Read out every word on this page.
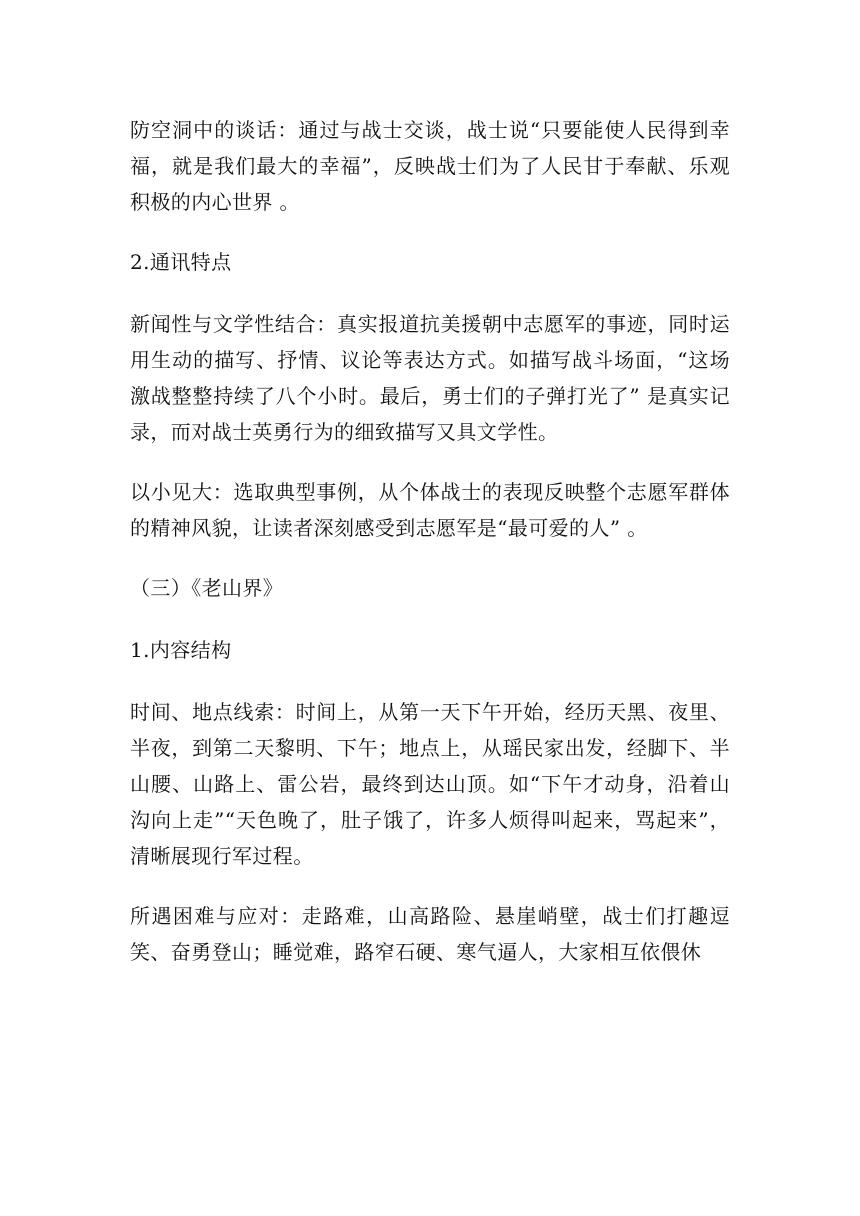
防空洞中的谈话：通过与战士交谈，战士说“只要能使人民得到幸福，就是我们最大的幸福”，反映战士们为了人民甘于奉献、乐观积极的内心世界 。

2.通讯特点

新闻性与文学性结合：真实报道抗美援朝中志愿军的事迹，同时运用生动的描写、抒情、议论等表达方式。如描写战斗场面，“这场激战整整持续了八个小时。最后，勇士们的子弹打光了” 是真实记录，而对战士英勇行为的细致描写又具文学性。

以小见大：选取典型事例，从个体战士的表现反映整个志愿军群体的精神风貌，让读者深刻感受到志愿军是“最可爱的人” 。

（三）《老山界》

1.内容结构

时间、地点线索：时间上，从第一天下午开始，经历天黑、夜里、半夜，到第二天黎明、下午；地点上，从瑶民家出发，经脚下、半山腰、山路上、雷公岩，最终到达山顶。如“下午才动身，沿着山沟向上走”“天色晚了，肚子饿了，许多人烦得叫起来，骂起来”，清晰展现行军过程。

所遇困难与应对：走路难，山高路险、悬崖峭壁，战士们打趣逗笑、奋勇登山；睡觉难，路窄石硬、寒气逼人，大家相互依偎休
